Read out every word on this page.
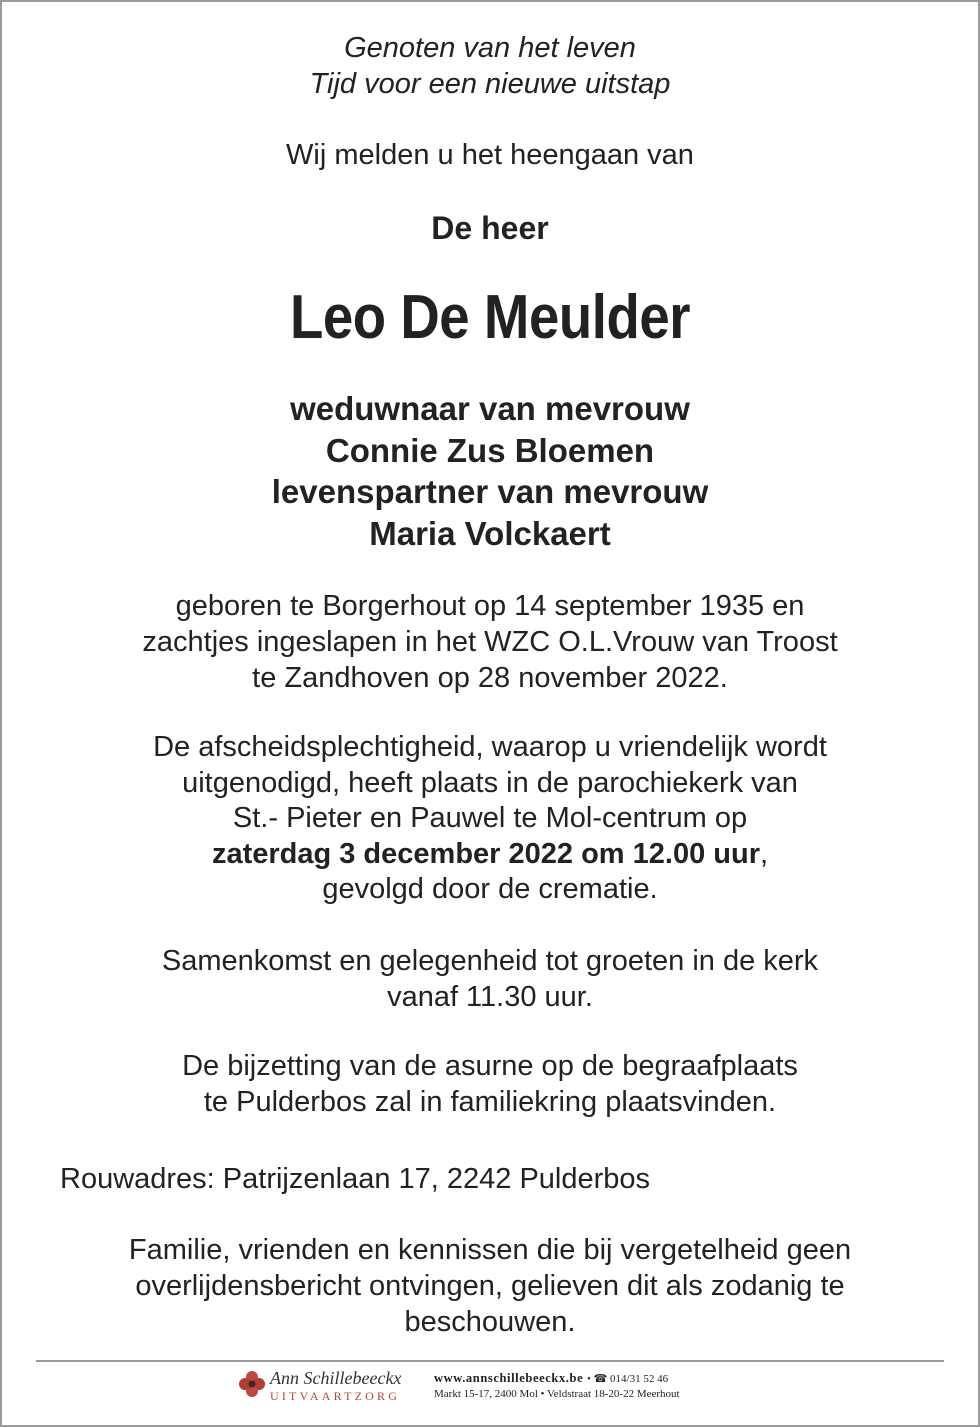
Genoten van het leven
Tijd voor een nieuwe uitstap
Wij melden u het heengaan van
De heer
Leo De Meulder
weduwnaar van mevrouw
Connie Zus Bloemen
levenspartner van mevrouw
Maria Volckaert
geboren te Borgerhout op 14 september 1935 en
zachtjes ingeslapen in het WZC O.L.Vrouw van Troost
te Zandhoven op 28 november 2022.
De afscheidsplechtigheid, waarop u vriendelijk wordt
uitgenodigd, heeft plaats in de parochiekerk van
St.- Pieter en Pauwel te Mol-centrum op
zaterdag 3 december 2022 om 12.00 uur,
gevolgd door de crematie.
Samenkomst en gelegenheid tot groeten in de kerk
vanaf 11.30 uur.
De bijzetting van de asurne op de begraafplaats
te Pulderbos zal in familiekring plaatsvinden.
Rouwadres: Patrijzenlaan 17, 2242 Pulderbos
Familie, vrienden en kennissen die bij vergetelheid geen
overlijdensbericht ontvingen, gelieven dit als zodanig te
beschouwen.
Ann Schillebeeckx
UITVAARTZORG
www.annschillebeeckx.be • ☎ 014/31 52 46
Markt 15-17, 2400 Mol • Veldstraat 18-20-22 Meerhout
